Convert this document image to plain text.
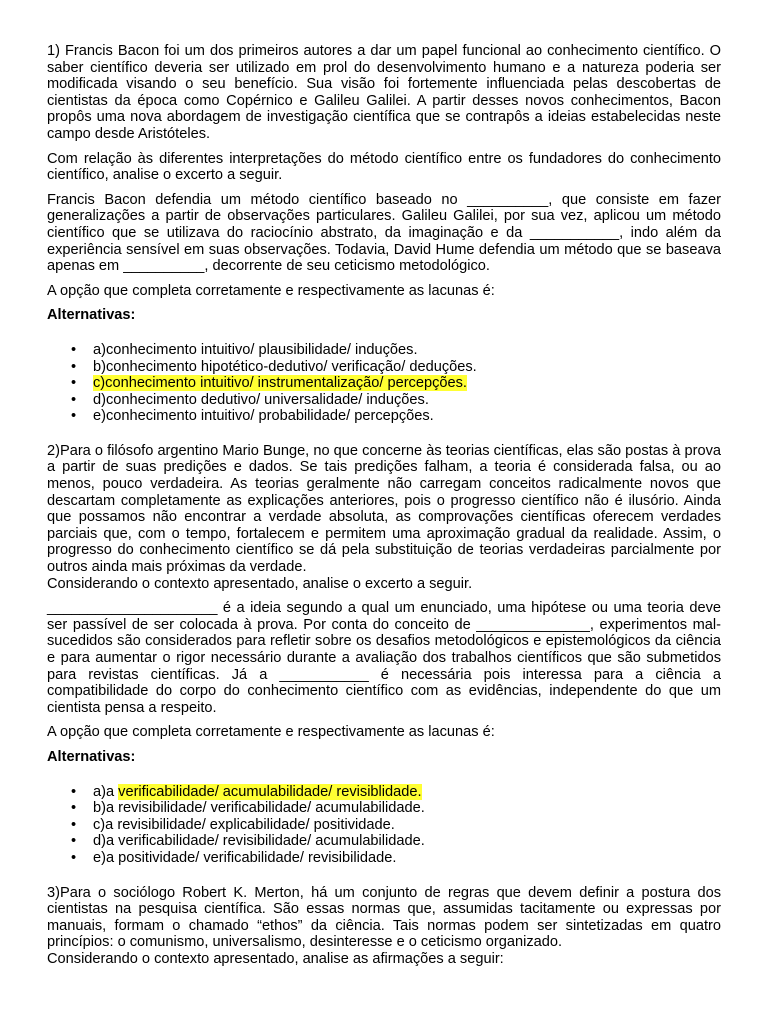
1) Francis Bacon foi um dos primeiros autores a dar um papel funcional ao conhecimento científico. O saber científico deveria ser utilizado em prol do desenvolvimento humano e a natureza poderia ser modificada visando o seu benefício. Sua visão foi fortemente influenciada pelas descobertas de cientistas da época como Copérnico e Galileu Galilei. A partir desses novos conhecimentos, Bacon propôs uma nova abordagem de investigação científica que se contrapôs a ideias estabelecidas neste campo desde Aristóteles.

Com relação às diferentes interpretações do método científico entre os fundadores do conhecimento científico, analise o excerto a seguir.

Francis Bacon defendia um método científico baseado no __________, que consiste em fazer generalizações a partir de observações particulares. Galileu Galilei, por sua vez, aplicou um método científico que se utilizava do raciocínio abstrato, da imaginação e da ___________, indo além da experiência sensível em suas observações. Todavia, David Hume defendia um método que se baseava apenas em __________, decorrente de seu ceticismo metodológico.

A opção que completa corretamente e respectivamente as lacunas é:

Alternativas:

• a)conhecimento intuitivo/ plausibilidade/ induções.
• b)conhecimento hipotético-dedutivo/ verificação/ deduções.
• c)conhecimento intuitivo/ instrumentalização/ percepções.
• d)conhecimento dedutivo/ universalidade/ induções.
• e)conhecimento intuitivo/ probabilidade/ percepções.

2)Para o filósofo argentino Mario Bunge, no que concerne às teorias científicas, elas são postas à prova a partir de suas predições e dados. Se tais predições falham, a teoria é considerada falsa, ou ao menos, pouco verdadeira. As teorias geralmente não carregam conceitos radicalmente novos que descartam completamente as explicações anteriores, pois o progresso científico não é ilusório. Ainda que possamos não encontrar a verdade absoluta, as comprovações científicas oferecem verdades parciais que, com o tempo, fortalecem e permitem uma aproximação gradual da realidade. Assim, o progresso do conhecimento científico se dá pela substituição de teorias verdadeiras parcialmente por outros ainda mais próximas da verdade.

Considerando o contexto apresentado, analise o excerto a seguir.

_____________________ é a ideia segundo a qual um enunciado, uma hipótese ou uma teoria deve ser passível de ser colocada à prova. Por conta do conceito de ______________, experimentos mal-sucedidos são considerados para refletir sobre os desafios metodológicos e epistemológicos da ciência e para aumentar o rigor necessário durante a avaliação dos trabalhos científicos que são submetidos para revistas científicas. Já a ___________ é necessária pois interessa para a ciência a compatibilidade do corpo do conhecimento científico com as evidências, independente do que um cientista pensa a respeito.

A opção que completa corretamente e respectivamente as lacunas é:

Alternativas:

• a)a verificabilidade/ acumulabilidade/ revisiblidade.
• b)a revisibilidade/ verificabilidade/ acumulabilidade.
• c)a revisibilidade/ explicabilidade/ positividade.
• d)a verificabilidade/ revisibilidade/ acumulabilidade.
• e)a positividade/ verificabilidade/ revisibilidade.

3)Para o sociólogo Robert K. Merton, há um conjunto de regras que devem definir a postura dos cientistas na pesquisa científica. São essas normas que, assumidas tacitamente ou expressas por manuais, formam o chamado “ethos” da ciência. Tais normas podem ser sintetizadas em quatro princípios: o comunismo, universalismo, desinteresse e o ceticismo organizado.

Considerando o contexto apresentado, analise as afirmações a seguir:
